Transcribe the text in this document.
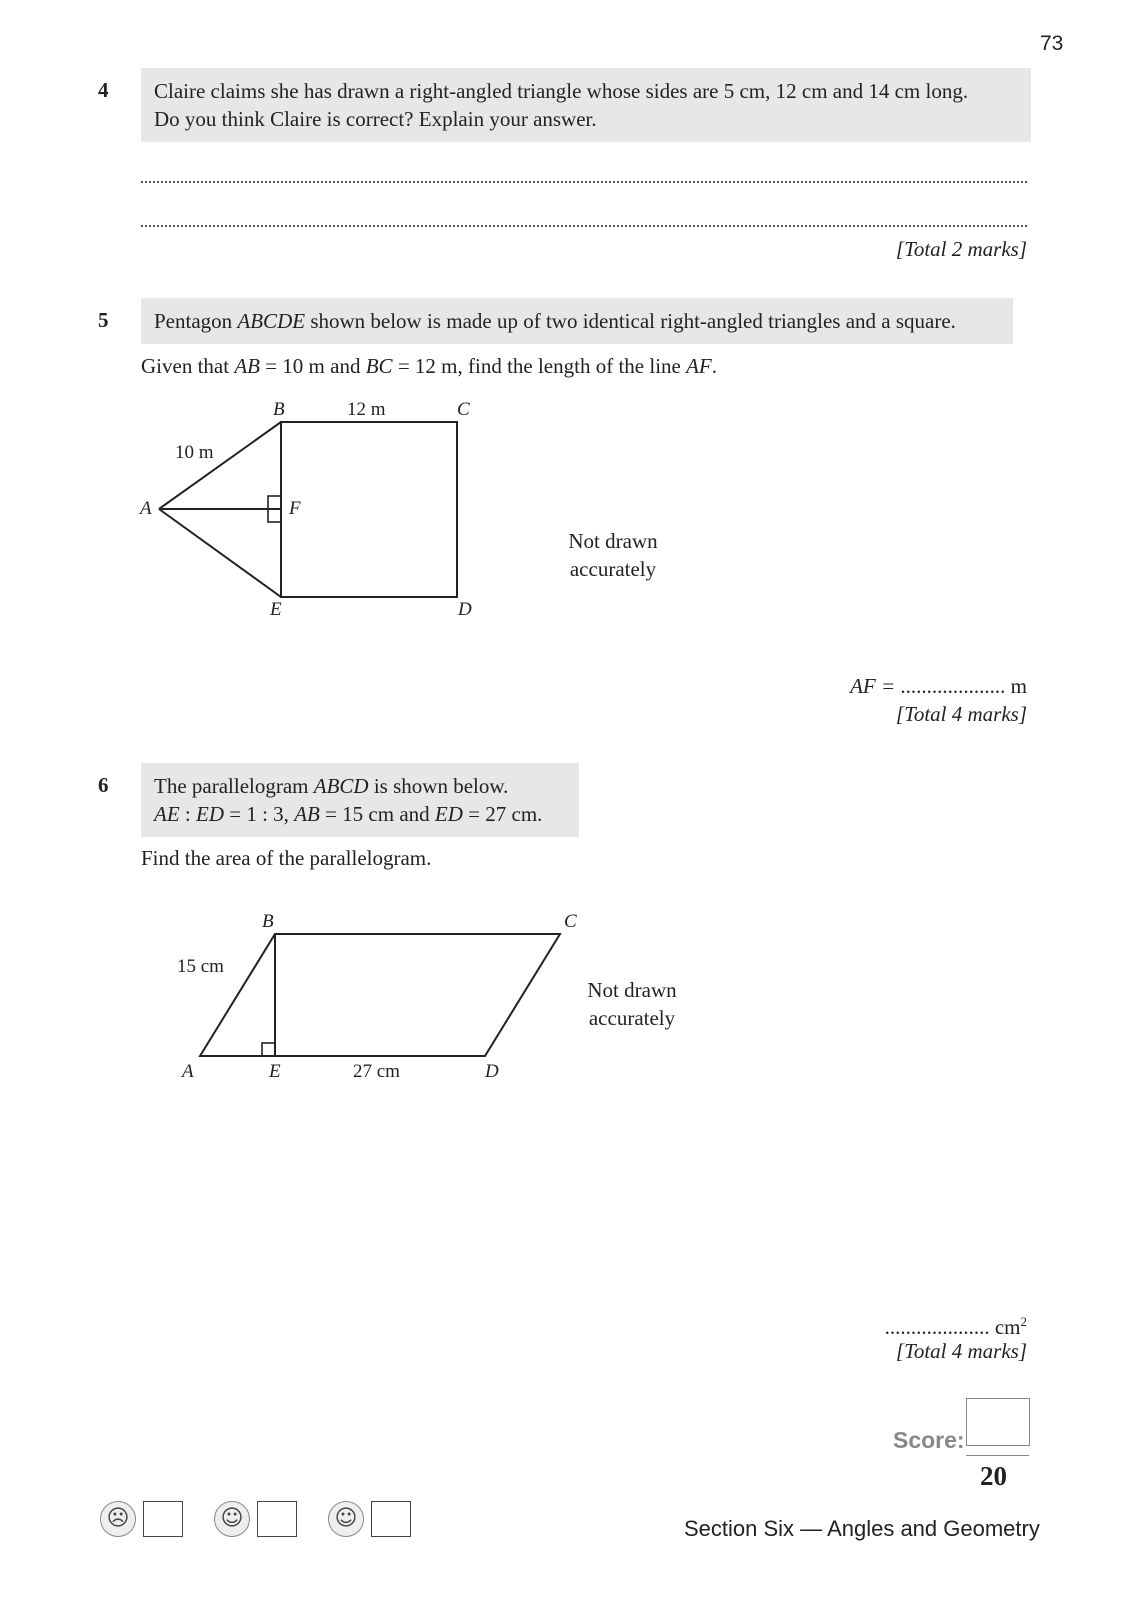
73
4 Claire claims she has drawn a right-angled triangle whose sides are 5 cm, 12 cm and 14 cm long.
Do you think Claire is correct? Explain your answer.
[Total 2 marks]
5	Pentagon ABCDE shown below is made up of two identical right-angled triangles and a square.
Given that AB = 10 m and BC = 12 m, find the length of the line AF.
B	12 m	C
10 m
A	F
E	D
Not drawn
accurately
AF = .................... m
[Total 4 marks]
6 The parallelogram ABCD is shown below.
AE : ED = 1 : 3, AB = 15 cm and ED = 27 cm.
Find the area of the parallelogram.
B	C
15 cm
A	E	27 cm	D
Not drawn
accurately
.................... $cm^2$
[Total 4 marks]
Score:
20
☹	☺	☺	Section Six — Angles and Geometry
